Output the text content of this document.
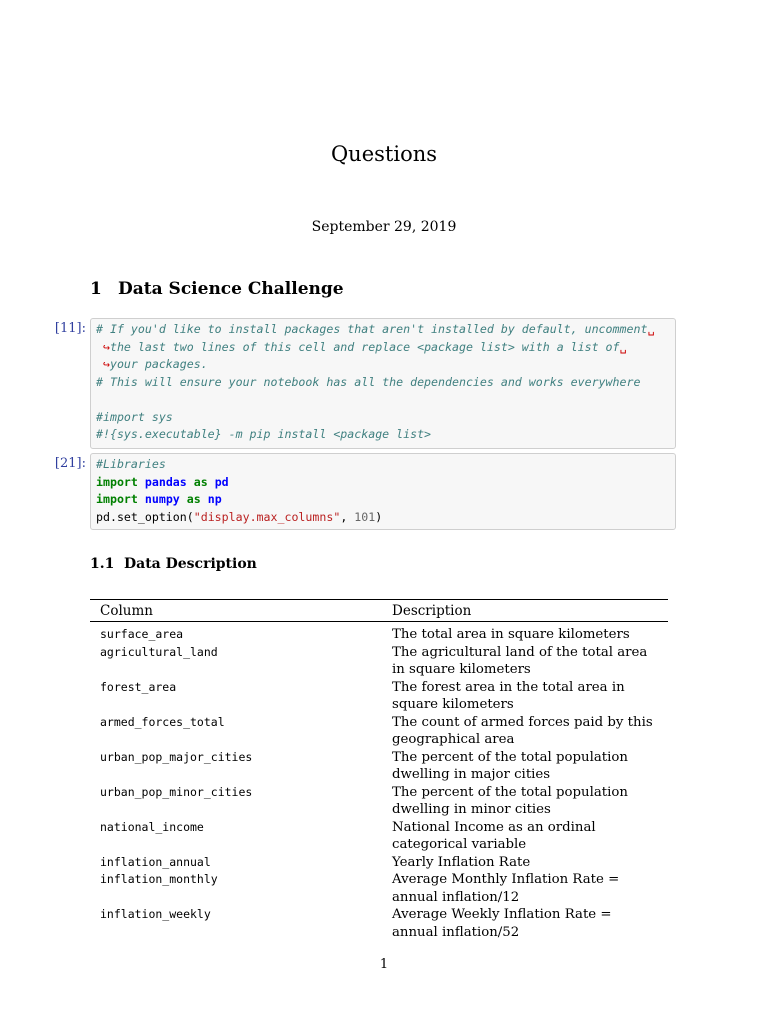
Questions
September 29, 2019
1 Data Science Challenge
[11]: # If you'd like to install packages that aren't installed by default, uncomment␣
↪the last two lines of this cell and replace <package list> with a list of␣
↪your packages.
# This will ensure your notebook has all the dependencies and works everywhere

#import sys
#!{sys.executable} -m pip install <package list>
[21]: #Libraries
import pandas as pd
import numpy as np
pd.set_option("display.max_columns", 101)
1.1 Data Description
Column	Description
surface_area	The total area in square kilometers
agricultural_land	The agricultural land of the total area in square kilometers
forest_area	The forest area in the total area in square kilometers
armed_forces_total	The count of armed forces paid by this geographical area
urban_pop_major_cities	The percent of the total population dwelling in major cities
urban_pop_minor_cities	The percent of the total population dwelling in minor cities
national_income	National Income as an ordinal categorical variable
inflation_annual	Yearly Inflation Rate
inflation_monthly	Average Monthly Inflation Rate = annual inflation/12
inflation_weekly	Average Weekly Inflation Rate = annual inflation/52
1
